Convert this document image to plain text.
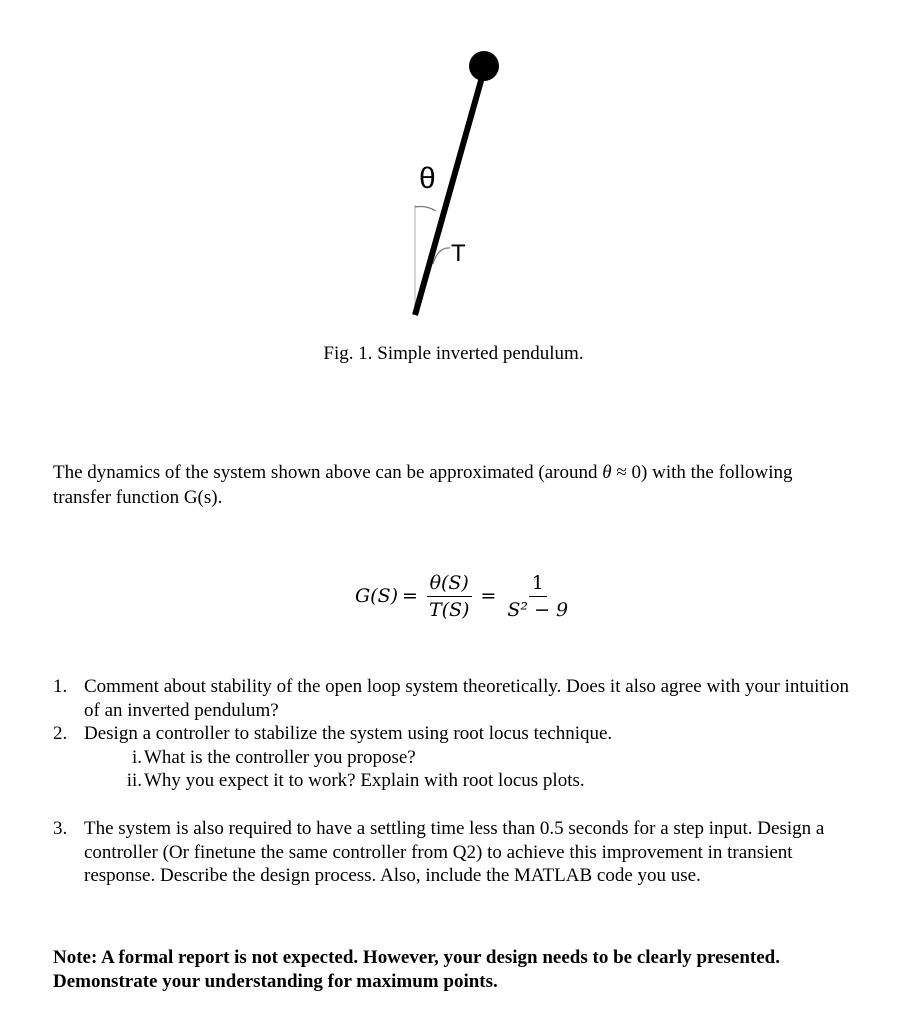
θ
T
Fig. 1. Simple inverted pendulum.
The dynamics of the system shown above can be approximated (around θ ≈ 0) with the following transfer function G(s).
$G(S) = \frac{\theta(S)}{T(S)} = \frac{1}{\text{S² − 9}}$
1. Comment about stability of the open loop system theoretically. Does it also agree with your intuition of an inverted pendulum?
2. Design a controller to stabilize the system using root locus technique.
i. What is the controller you propose?
ii. Why you expect it to work? Explain with root locus plots.
3. The system is also required to have a settling time less than 0.5 seconds for a step input. Design a controller (Or finetune the same controller from Q2) to achieve this improvement in transient response. Describe the design process. Also, include the MATLAB code you use.
Note: A formal report is not expected. However, your design needs to be clearly presented. Demonstrate your understanding for maximum points.
